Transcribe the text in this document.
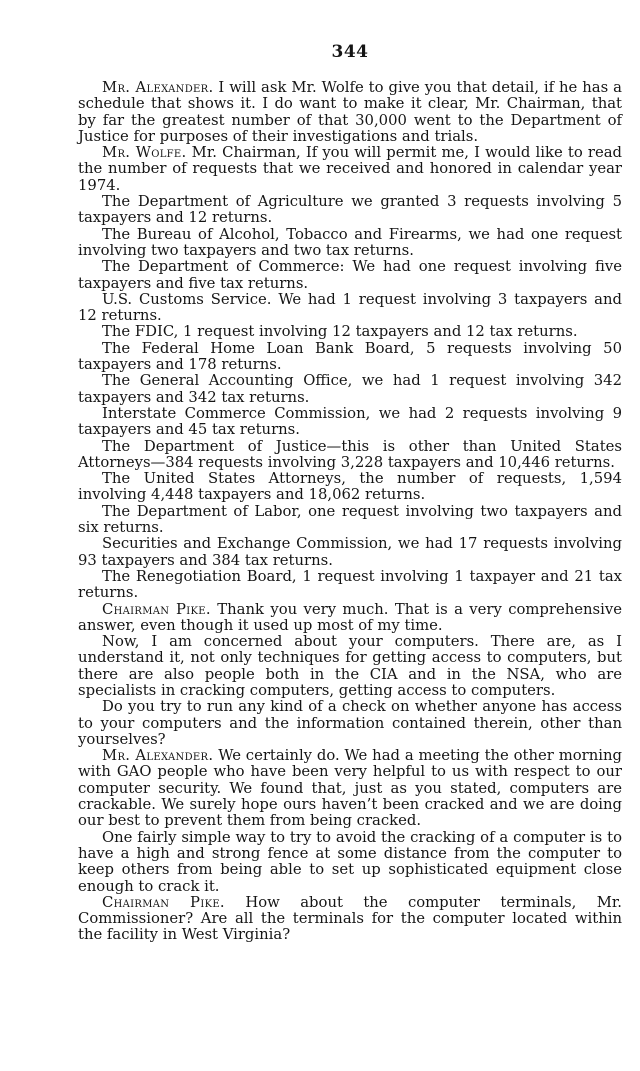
344

Mr. Alexander. I will ask Mr. Wolfe to give you that detail, if he has a schedule that shows it. I do want to make it clear, Mr. Chairman, that by far the greatest number of that 30,000 went to the Department of Justice for purposes of their investigations and trials.

Mr. Wolfe. Mr. Chairman, If you will permit me, I would like to read the number of requests that we received and honored in calendar year 1974.

The Department of Agriculture we granted 3 requests involving 5 taxpayers and 12 returns.

The Bureau of Alcohol, Tobacco and Firearms, we had one request involving two taxpayers and two tax returns.

The Department of Commerce: We had one request involving five taxpayers and five tax returns.

U.S. Customs Service. We had 1 request involving 3 taxpayers and 12 returns.

The FDIC, 1 request involving 12 taxpayers and 12 tax returns.

The Federal Home Loan Bank Board, 5 requests involving 50 taxpayers and 178 returns.

The General Accounting Office, we had 1 request involving 342 taxpayers and 342 tax returns.

Interstate Commerce Commission, we had 2 requests involving 9 taxpayers and 45 tax returns.

The Department of Justice—this is other than United States Attorneys—384 requests involving 3,228 taxpayers and 10,446 returns.

The United States Attorneys, the number of requests, 1,594 involving 4,448 taxpayers and 18,062 returns.

The Department of Labor, one request involving two taxpayers and six returns.

Securities and Exchange Commission, we had 17 requests involving 93 taxpayers and 384 tax returns.

The Renegotiation Board, 1 request involving 1 taxpayer and 21 tax returns.

Chairman Pike. Thank you very much. That is a very comprehensive answer, even though it used up most of my time.

Now, I am concerned about your computers. There are, as I understand it, not only techniques for getting access to computers, but there are also people both in the CIA and in the NSA, who are specialists in cracking computers, getting access to computers.

Do you try to run any kind of a check on whether anyone has access to your computers and the information contained therein, other than yourselves?

Mr. Alexander. We certainly do. We had a meeting the other morning with GAO people who have been very helpful to us with respect to our computer security. We found that, just as you stated, computers are crackable. We surely hope ours haven’t been cracked and we are doing our best to prevent them from being cracked.

One fairly simple way to try to avoid the cracking of a computer is to have a high and strong fence at some distance from the computer to keep others from being able to set up sophisticated equipment close enough to crack it.

Chairman Pike. How about the computer terminals, Mr. Commissioner? Are all the terminals for the computer located within the facility in West Virginia?
